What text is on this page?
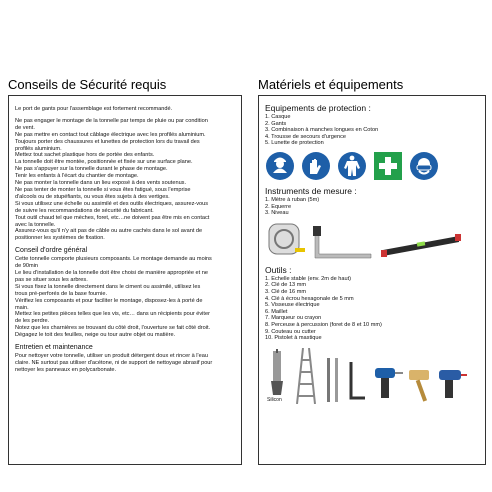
Conseils de Sécurité requis	Matériels et équipements

Le port de gants pour l'assemblage est fortement recommandé.

Ne pas engager le montage de la tonnelle par temps de pluie ou par condition
de vent.
Ne pas mettre en contact tout câblage électrique avec les profilés aluminium.
Toujours porter des chaussures et lunettes de protection lors du travail des
profilés aluminium.
Mettez tout sachet plastique hors de portée des enfants.
La tonnelle doit être montée, positionnée et fixée sur une surface plane.
Ne pas s'appuyer sur la tonnelle durant le phase de montage.
Tenir les enfants à l'écart du chantier de montage.
Ne pas monter la tonnelle dans un lieu exposé à des vents soutenus.
Ne pas tenter de monter la tonnelle si vous êtes fatigué, sous l'emprise
d'alcools ou de stupéfiants, ou vous êtes sujets à des vertiges.
Si vous utilisez une échelle ou assimilé et des outils électriques, assurez-vous
de suivre les recommandations de sécurité du fabricant.
Tout outil chaud tel que mèches, foret, etc…ne doivent pas être mis en contact
avec la tonnelle.
Assurez-vous qu'il n'y ait pas de câble ou autre cachés dans le sol avant de
positionner les systèmes de fixation.

Conseil d'ordre général

Cette tonnelle comporte plusieurs composants. Le montage demande au moins
de 90min
Le lieu d'installation de la tonnelle doit être choisi de manière appropriée et ne
pas se situer sous les arbres.
Si vous fixez la tonnelle directement dans le ciment ou assimilé, utilisez les
trous pré-perforés de la base fournie.
Vérifiez les composants et pour faciliter le montage, disposez-les à porté de
main.
Mettez les petites pièces telles que les vis, etc… dans un récipients pour éviter
de les perdre.
Notez que les charnières se trouvant du côté droit, l'ouverture se fait côté droit.
Dégagez le toit des feuilles, neige ou tour autre objet ou matière.

Entretien et maintenance

Pour nettoyer votre tonnelle, utiliser un produit détergent doux et rincer à l'eau
claire. NE surtout pas utiliser d'acétone, ni de support de nettoyage abrasif pour
nettoyer les panneaux en polycarbonate.

Equipements de protection :

1. Casque
2. Gants
3. Combinaison à manches longues en Coton
4. Trousse de secours d'urgence
5. Lunette de protection

Instruments de mesure :

1. Mètre à ruban (5m)
2. Equerre
3. Niveau

Outils :

1. Echelle stable (env. 2m de haut)
2. Clé de 13 mm
3. Clé de 16 mm
4. Clé à écrou hexagonale de 5 mm
5. Visseuse électrique
6. Maillet
7. Marqueur ou crayon
8. Perceuse à percussion (foret de 8 et 10 mm)
9. Couteau ou cutter
10. Pistolet à mastique
Silicon
